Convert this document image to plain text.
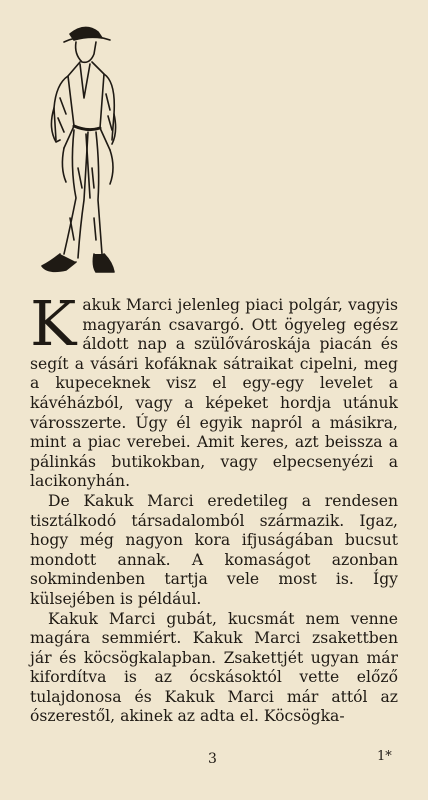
Kakuk Marci jelenleg piaci polgár, vagyis magyarán csavargó. Ott ögyeleg egész áldott nap a szülővároskája piacán és segít a vásári kofáknak sátraikat cipelni, meg a kupeceknek visz el egy-egy levelet a kávéházból, vagy a képeket hordja utánuk városszerte. Úgy él egyik napról a másikra, mint a piac verebei. Amit keres, azt beissza a pálinkás butikokban, vagy elpecsenyézi a lacikonyhán.

De Kakuk Marci eredetileg a rendesen tisztálkodó társadalomból származik. Igaz, hogy még nagyon kora ifjuságában bucsut mondott annak. A komaságot azonban sokmindenben tartja vele most is. Így külsejében is például.

Kakuk Marci gubát, kucsmát nem venne magára semmiért. Kakuk Marci zsakettben jár és köcsögkalapban. Zsakettjét ugyan már kifordítva is az ócskásoktól vette előző tulajdonosa és Kakuk Marci már attól az ószerestől, akinek az adta el. Köcsögka-

3	1*
